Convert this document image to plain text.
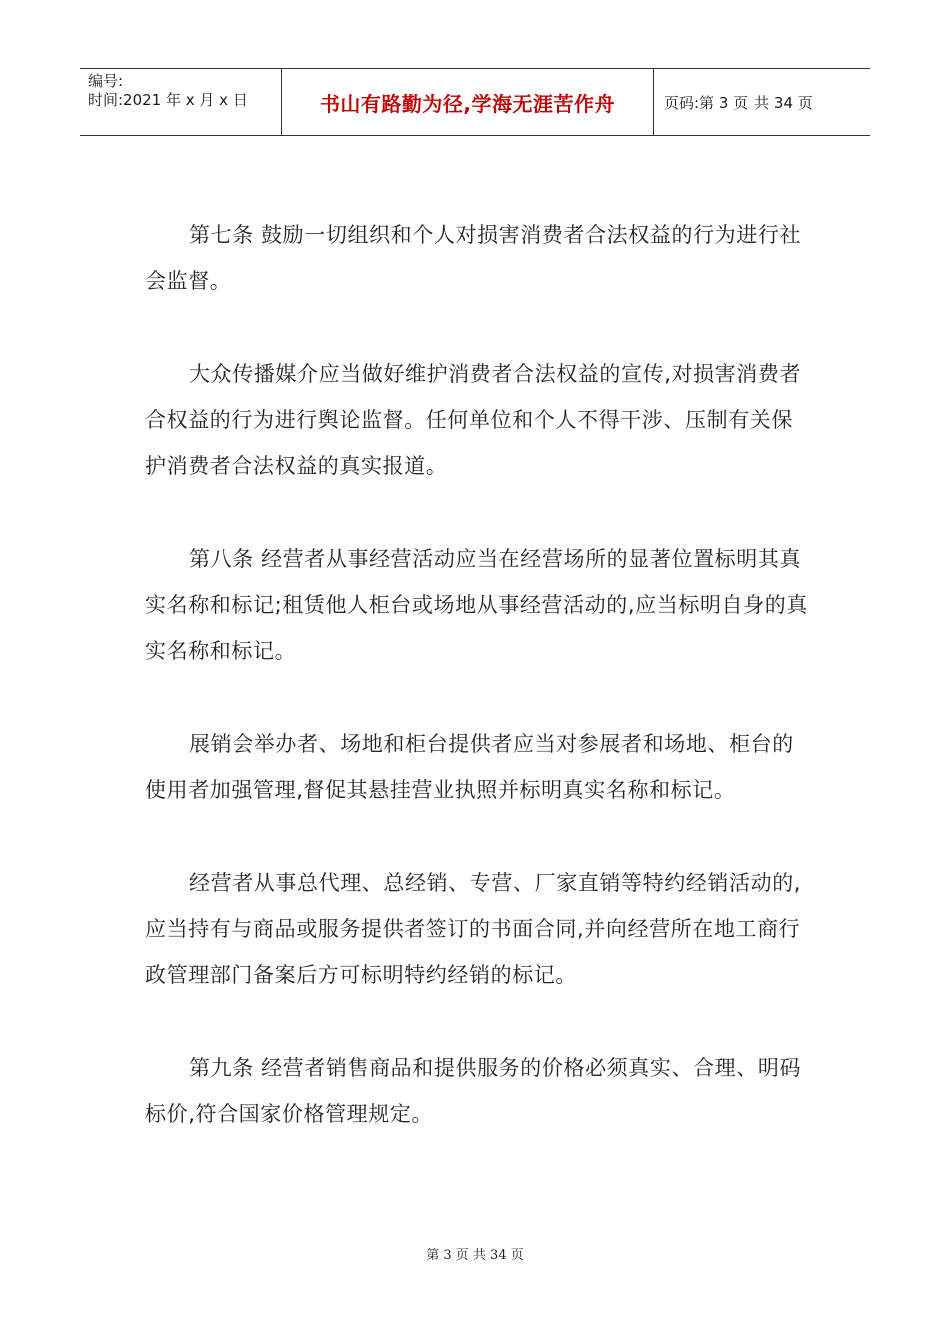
编号:
时间:2021 年 x 月 x 日	书山有路勤为径,学海无涯苦作舟	页码:第 3 页 共 34 页

第七条 鼓励一切组织和个人对损害消费者合法权益的行为进行社会监督。

大众传播媒介应当做好维护消费者合法权益的宣传,对损害消费者合权益的行为进行舆论监督。任何单位和个人不得干涉、压制有关保护消费者合法权益的真实报道。

第八条 经营者从事经营活动应当在经营场所的显著位置标明其真实名称和标记;租赁他人柜台或场地从事经营活动的,应当标明自身的真实名称和标记。

展销会举办者、场地和柜台提供者应当对参展者和场地、柜台的使用者加强管理,督促其悬挂营业执照并标明真实名称和标记。

经营者从事总代理、总经销、专营、厂家直销等特约经销活动的,应当持有与商品或服务提供者签订的书面合同,并向经营所在地工商行政管理部门备案后方可标明特约经销的标记。

第九条 经营者销售商品和提供服务的价格必须真实、合理、明码标价,符合国家价格管理规定。

第 3 页 共 34 页
